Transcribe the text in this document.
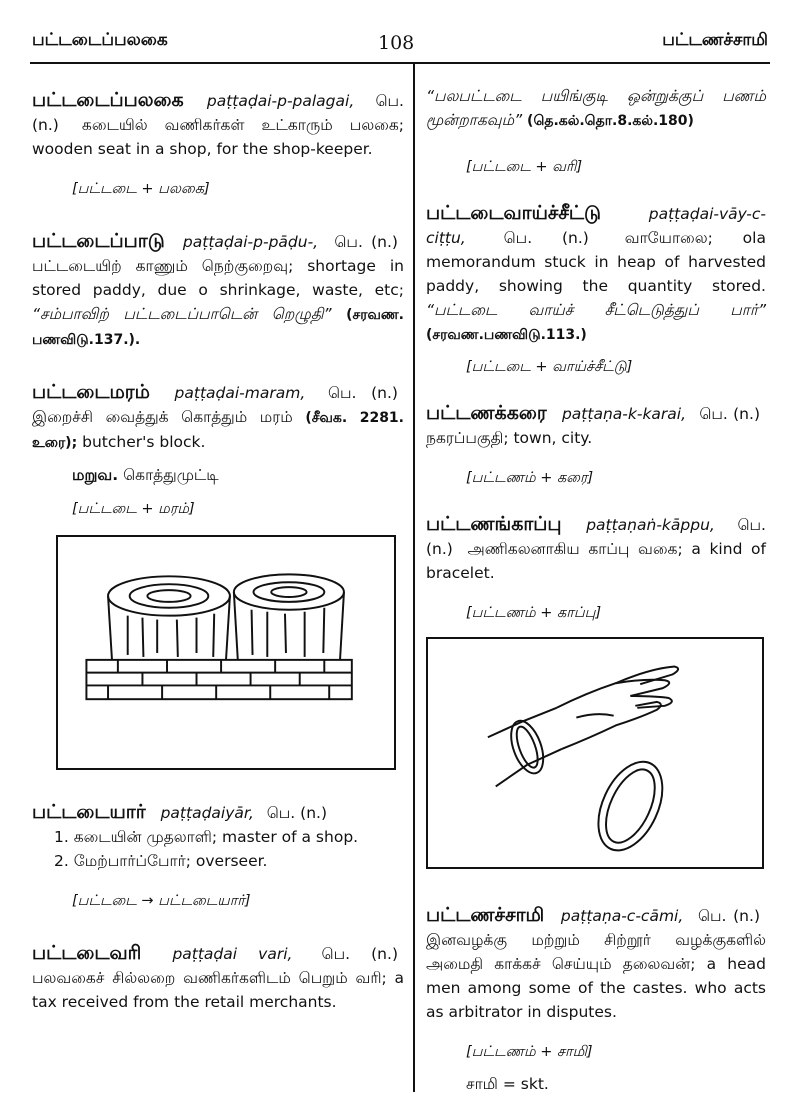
பட்டடைப்பலகை	108	பட்டணச்சாமி
பட்டடைப்பலகை paṭṭaḍai-p-palagai, பெ. (n.) கடையில் வணிகர்கள் உட்காரும் பலகை; wooden seat in a shop, for the shop-keeper.
[பட்டடை + பலகை]
பட்டடைப்பாடு paṭṭaḍai-p-pāḍu-, பெ. (n.) பட்டடையிற் காணும் நெற்குறைவு; shortage in stored paddy, due o shrinkage, waste, etc; “சம்பாவிற் பட்டடைப்பாடென் றெழுதி” (சரவண. பணவிடு.137.).
பட்டடைமரம் paṭṭaḍai-maram, பெ. (n.) இறைச்சி வைத்துக் கொத்தும் மரம் (சீவக. 2281. உரை); butcher's block.
மறுவ. கொத்துமுட்டி
[பட்டடை + மரம்]
பட்டடையார் paṭṭaḍaiyār, பெ. (n.)
1. கடையின் முதலாளி; master of a shop.
2. மேற்பார்ப்போர்; overseer.
[பட்டடை → பட்டடையார்]
பட்டடைவரி paṭṭaḍai vari, பெ. (n.) பலவகைச் சில்லறை வணிகர்களிடம் பெறும் வரி; a tax received from the retail merchants.
“பலபட்டடை பயிங்குடி ஒன்றுக்குப் பணம் மூன்றாகவும்” (தெ.கல்.தொ.8.கல்.180)
[பட்டடை + வரி]
பட்டடைவாய்ச்சீட்டு	paṭṭaḍai-vāy-c-ciṭṭu, பெ. (n.) வாயோலை; ola memorandum stuck in heap of harvested paddy, showing the quantity stored. “பட்டடை வாய்ச் சீட்டெடுத்துப் பார்” (சரவண.பணவிடு.113.)
[பட்டடை + வாய்ச்சீட்டு]
பட்டணக்கரை paṭṭaṇa-k-karai, பெ. (n.) நகரப்பகுதி; town, city.
[பட்டணம் + கரை]
பட்டணங்காப்பு paṭṭaṇaṅ-kāppu, பெ. (n.) அணிகலனாகிய காப்பு வகை; a kind of bracelet.
[பட்டணம் + காப்பு]
பட்டணச்சாமி paṭṭaṇa-c-cāmi, பெ. (n.) இனவழக்கு மற்றும் சிற்றூர் வழக்குகளில் அமைதி காக்கச் செய்யும் தலைவன்; a head men among some of the castes. who acts as arbitrator in disputes.
[பட்டணம் + சாமி]
சாமி = skt.
